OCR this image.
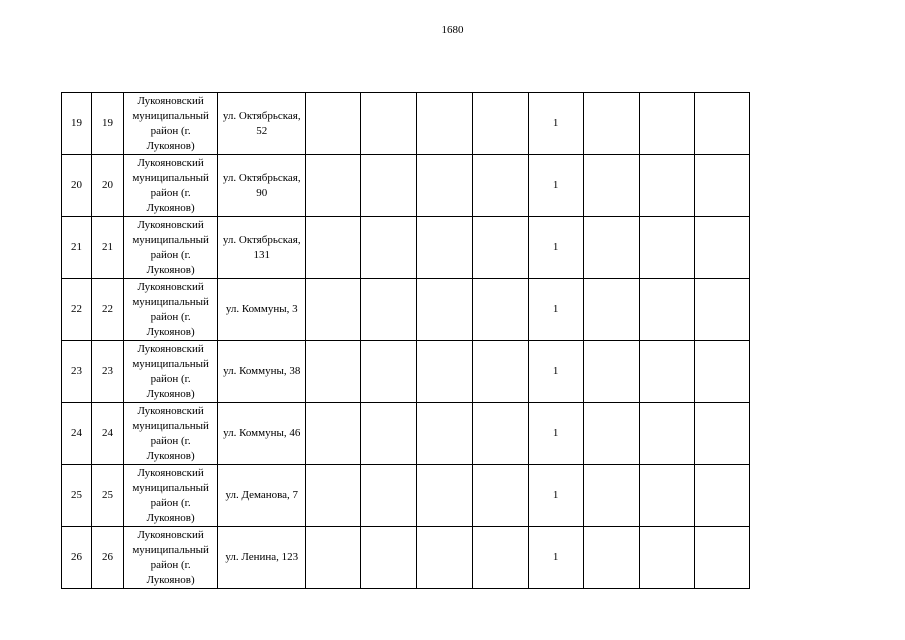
1680
19	19	Лукояновский муниципальный район (г. Лукоянов)	ул. Октябрьская, 52					1			
20	20	Лукояновский муниципальный район (г. Лукоянов)	ул. Октябрьская, 90					1			
21	21	Лукояновский муниципальный район (г. Лукоянов)	ул. Октябрьская, 131					1			
22	22	Лукояновский муниципальный район (г. Лукоянов)	ул. Коммуны, 3					1			
23	23	Лукояновский муниципальный район (г. Лукоянов)	ул. Коммуны, 38					1			
24	24	Лукояновский муниципальный район (г. Лукоянов)	ул. Коммуны, 46					1			
25	25	Лукояновский муниципальный район (г. Лукоянов)	ул. Деманова, 7					1			
26	26	Лукояновский муниципальный район (г. Лукоянов)	ул. Ленина, 123					1			
